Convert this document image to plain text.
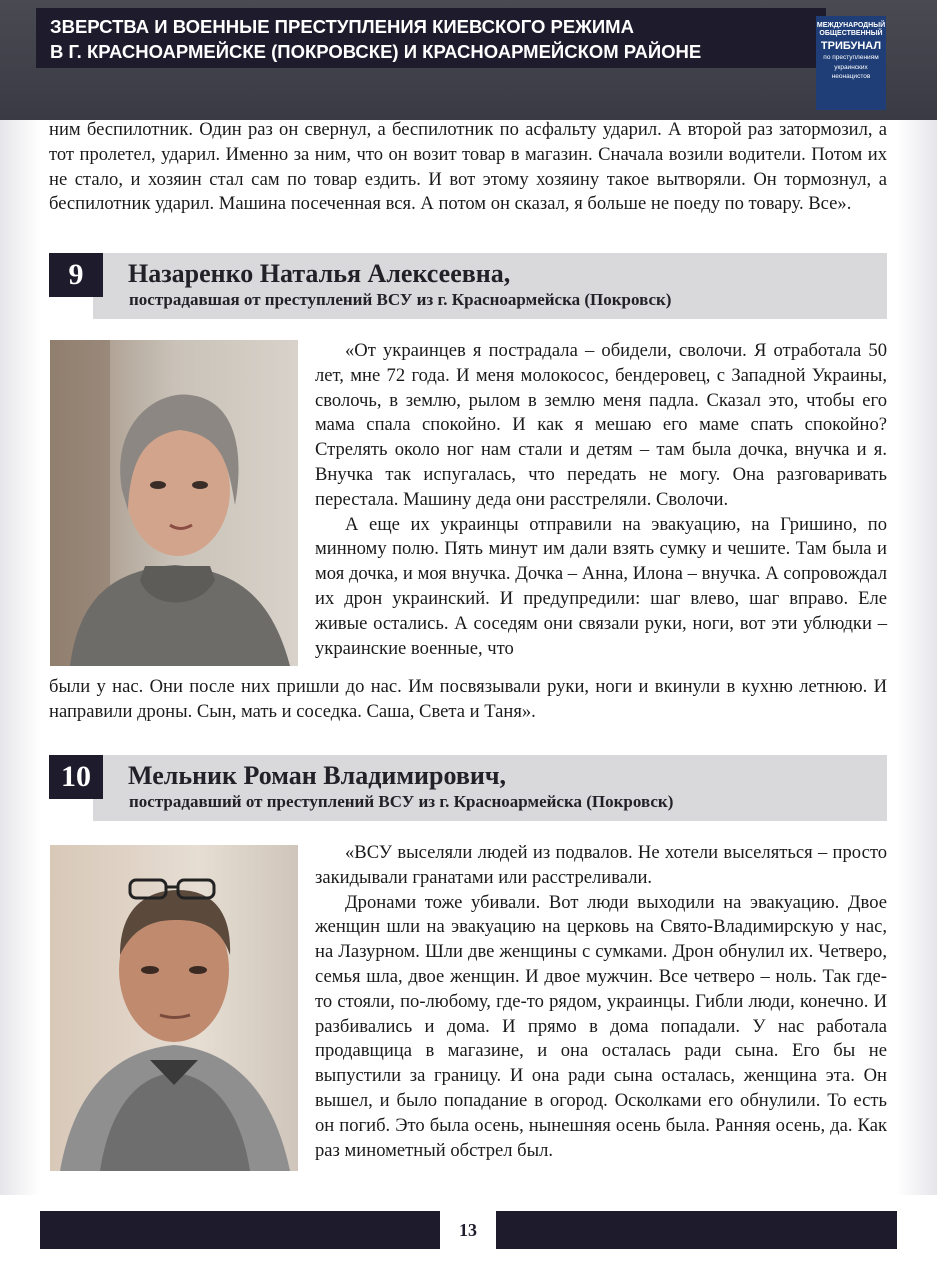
ЗВЕРСТВА И ВОЕННЫЕ ПРЕСТУПЛЕНИЯ КИЕВСКОГО РЕЖИМА
В Г. КРАСНОАРМЕЙСКЕ (ПОКРОВСКЕ) И КРАСНОАРМЕЙСКОМ РАЙОНЕ
МЕЖДУНАРОДНЫЙ
ОБЩЕСТВЕННЫЙ
ТРИБУНАЛ
по преступлениям
украинских
неонацистов

ним беспилотник. Один раз он свернул, а беспилотник по асфальту ударил. А второй раз затормозил, а тот пролетел, ударил. Именно за ним, что он возит товар в магазин. Сначала возили водители. Потом их не стало, и хозяин стал сам по товар ездить. И вот этому хозяину такое вытворяли. Он тормознул, а беспилотник ударил. Машина посеченная вся. А потом он сказал, я больше не поеду по товару. Все».

9	Назаренко Наталья Алексеевна,
пострадавшая от преступлений ВСУ из г. Красноармейска (Покровск)

«От украинцев я пострадала – обидели, сволочи. Я отработала 50 лет, мне 72 года. И меня молокосос, бендеровец, с Западной Украины, сволочь, в землю, рылом в землю меня падла. Сказал это, чтобы его мама спала спокойно. И как я мешаю его маме спать спокойно? Стрелять около ног нам стали и детям – там была дочка, внучка и я. Внучка так испугалась, что передать не могу. Она разговаривать перестала. Машину деда они расстреляли. Сволочи.

А еще их украинцы отправили на эвакуацию, на Гришино, по минному полю. Пять минут им дали взять сумку и чешите. Там была и моя дочка, и моя внучка. Дочка – Анна, Илона – внучка. А сопровождал их дрон украинский. И предупредили: шаг влево, шаг вправо. Еле живые остались. А соседям они связали руки, ноги, вот эти ублюдки – украинские военные, что

были у нас. Они после них пришли до нас. Им посвязывали руки, ноги и вкинули в кухню летнюю. И направили дроны. Сын, мать и соседка. Саша, Света и Таня».

10	Мельник Роман Владимирович,
пострадавший от преступлений ВСУ из г. Красноармейска (Покровск)

«ВСУ выселяли людей из подвалов. Не хотели выселяться – просто закидывали гранатами или расстреливали.

Дронами тоже убивали. Вот люди выходили на эвакуацию. Двое женщин шли на эвакуацию на церковь на Свято-Владимирскую у нас, на Лазурном. Шли две женщины с сумками. Дрон обнулил их. Четверо, семья шла, двое женщин. И двое мужчин. Все четверо – ноль. Так где-то стояли, по-любому, где-то рядом, украинцы. Гибли люди, конечно. И разбивались и дома. И прямо в дома попадали. У нас работала продавщица в магазине, и она осталась ради сына. Его бы не выпустили за границу. И она ради сына осталась, женщина эта. Он вышел, и было попадание в огород. Осколками его обнулили. То есть он погиб. Это была осень, нынешняя осень была. Ранняя осень, да. Как раз минометный обстрел был.

13
